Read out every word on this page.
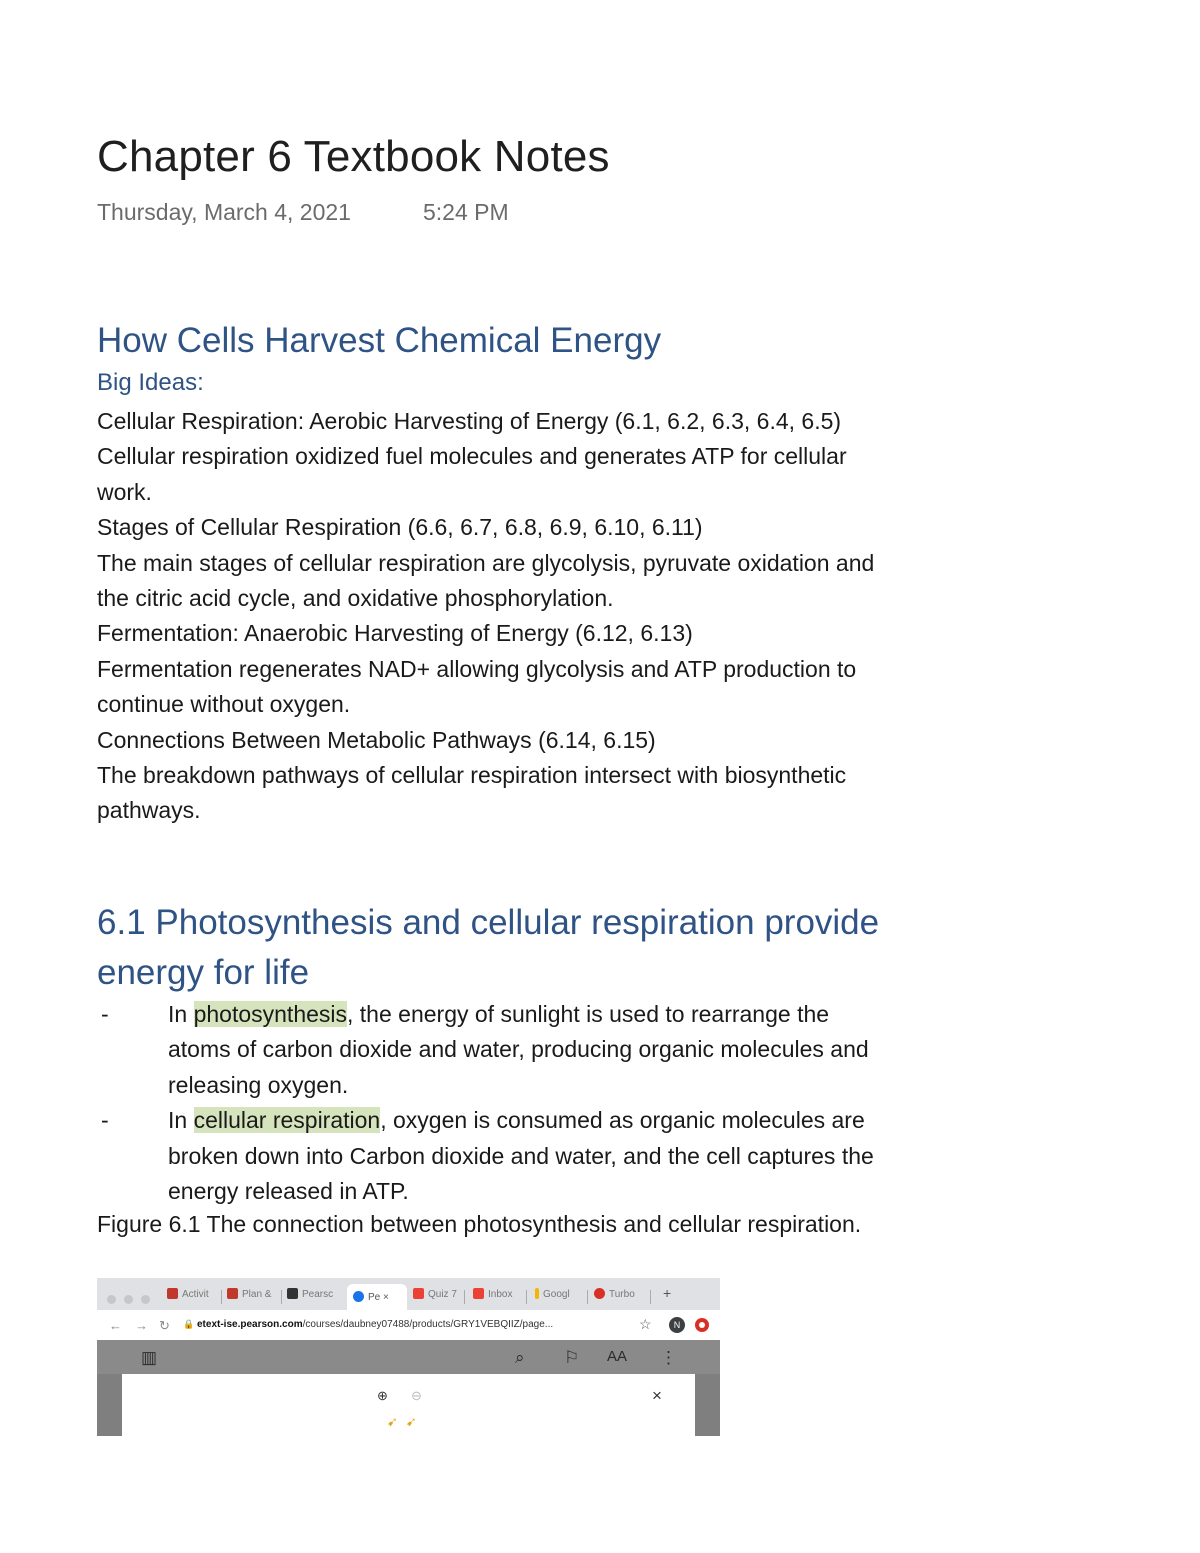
Chapter 6 Textbook Notes
Thursday, March 4, 2021	5:24 PM
How Cells Harvest Chemical Energy
Big Ideas:

Cellular Respiration: Aerobic Harvesting of Energy (6.1, 6.2, 6.3, 6.4, 6.5)

Cellular respiration oxidized fuel molecules and generates ATP for cellular work.

Stages of Cellular Respiration (6.6, 6.7, 6.8, 6.9, 6.10, 6.11)

The main stages of cellular respiration are glycolysis, pyruvate oxidation and the citric acid cycle, and oxidative phosphorylation.

Fermentation: Anaerobic Harvesting of Energy (6.12, 6.13)

Fermentation regenerates NAD+ allowing glycolysis and ATP production to continue without oxygen.

Connections Between Metabolic Pathways (6.14, 6.15)

The breakdown pathways of cellular respiration intersect with biosynthetic pathways.

6.1 Photosynthesis and cellular respiration provide energy for life
-	In photosynthesis, the energy of sunlight is used to rearrange the atoms of carbon dioxide and water, producing organic molecules and releasing oxygen.
-	In cellular respiration, oxygen is consumed as organic molecules are broken down into Carbon dioxide and water, and the cell captures the energy released in ATP.
Figure 6.1 The connection between photosynthesis and cellular respiration.
Activit	Plan &	Pearsc	Pe ×	Quiz 7	Inbox	Googl	Turbo	+
← → ↻ 🔒 etext-ise.pearson.com/courses/daubney07488/products/GRY1VEBQIIZ/page...	☆	N
▥	⌕ ⚐ AA ⋮
⊕ ⊖	×
➹➹
